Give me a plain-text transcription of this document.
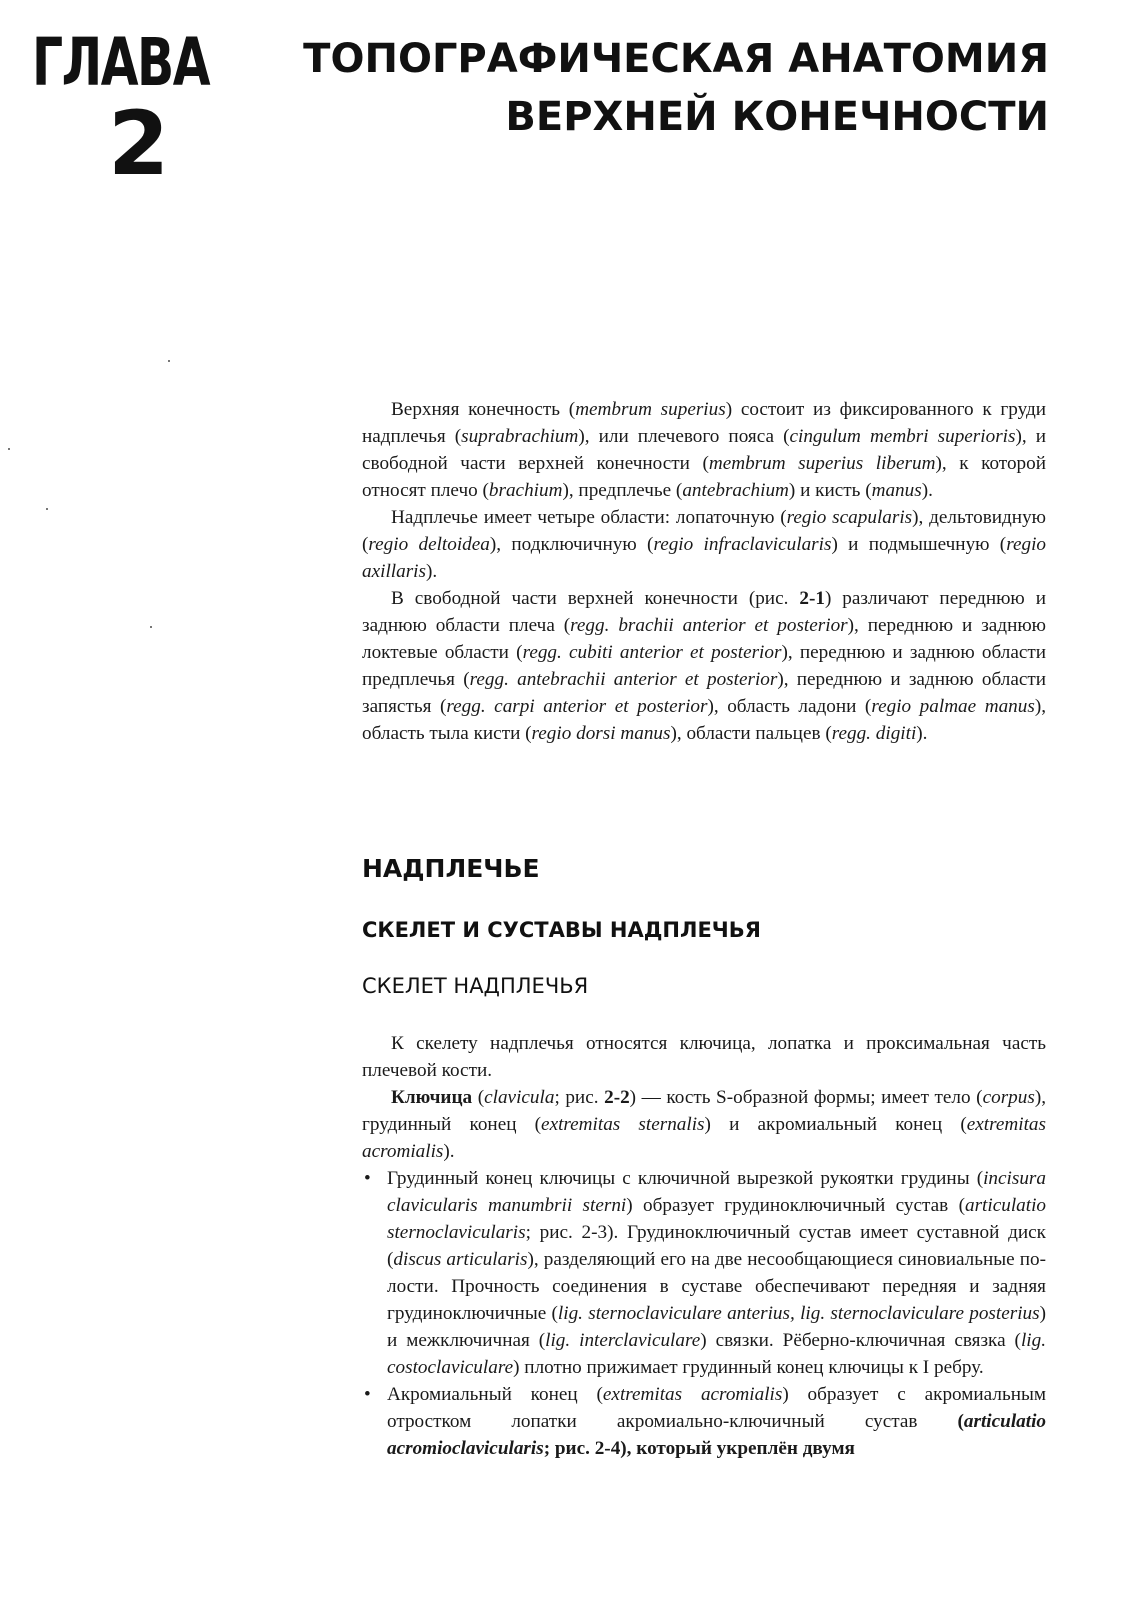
ГЛАВА
2
ТОПОГРАФИЧЕСКАЯ АНАТОМИЯ
ВЕРХНЕЙ КОНЕЧНОСТИ

Верхняя конечность (membrum superius) состоит из фиксированного к груди надплечья (suprabrachium), или плечевого пояса (cingulum membri superioris), и свободной части верхней конечности (membrum superius liberum), к которой относят плечо (brachium), предплечье (antebrachium) и кисть (manus).

Надплечье имеет четыре области: лопаточную (regio scapularis), дельтовидную (regio deltoidea), подключичную (regio infraclavicularis) и подмышечную (regio axillaris).

В свободной части верхней конечности (рис. 2-1) различают переднюю и заднюю области плеча (regg. brachii anterior et posterior), переднюю и заднюю локтевые области (regg. cubiti anterior et posterior), переднюю и заднюю области предплечья (regg. antebrachii anterior et posterior), переднюю и заднюю области запястья (regg. carpi anterior et posterior), область ладони (regio palmae manus), область тыла кисти (regio dorsi manus), области пальцев (regg. digiti).

НАДПЛЕЧЬЕ
СКЕЛЕТ И СУСТАВЫ НАДПЛЕЧЬЯ
СКЕЛЕТ НАДПЛЕЧЬЯ

К скелету надплечья относятся ключица, лопатка и проксимальная часть плечевой кости.

Ключица (clavicula; рис. 2-2) — кость S-образной формы; имеет тело (corpus), грудинный конец (extremitas sternalis) и акромиальный конец (extremitas acromialis).

• Грудинный конец ключицы с ключичной вырезкой рукоятки грудины (incisura clavicularis manumbrii sterni) образует грудиноключичный сустав (articulatio sternoclavicularis; рис. 2-3). Грудиноключичный сустав имеет суставной диск (discus articularis), разделяющий его на две несообщающиеся синовиальные полости. Прочность соединения в суставе обеспечивают передняя и задняя грудиноключичные (lig. sternoclaviculare anterius, lig. sternoclaviculare posterius) и межключичная (lig. interclaviculare) связки. Рёберно-ключичная связка (lig. costoclaviculare) плотно прижимает грудинный конец ключицы к I ребру.
• Акромиальный конец (extremitas acromialis) образует с акромиальным отростком лопатки акромиально-ключичный сустав (articulatio acromioclavicularis; рис. 2-4), который укреплён двумя
